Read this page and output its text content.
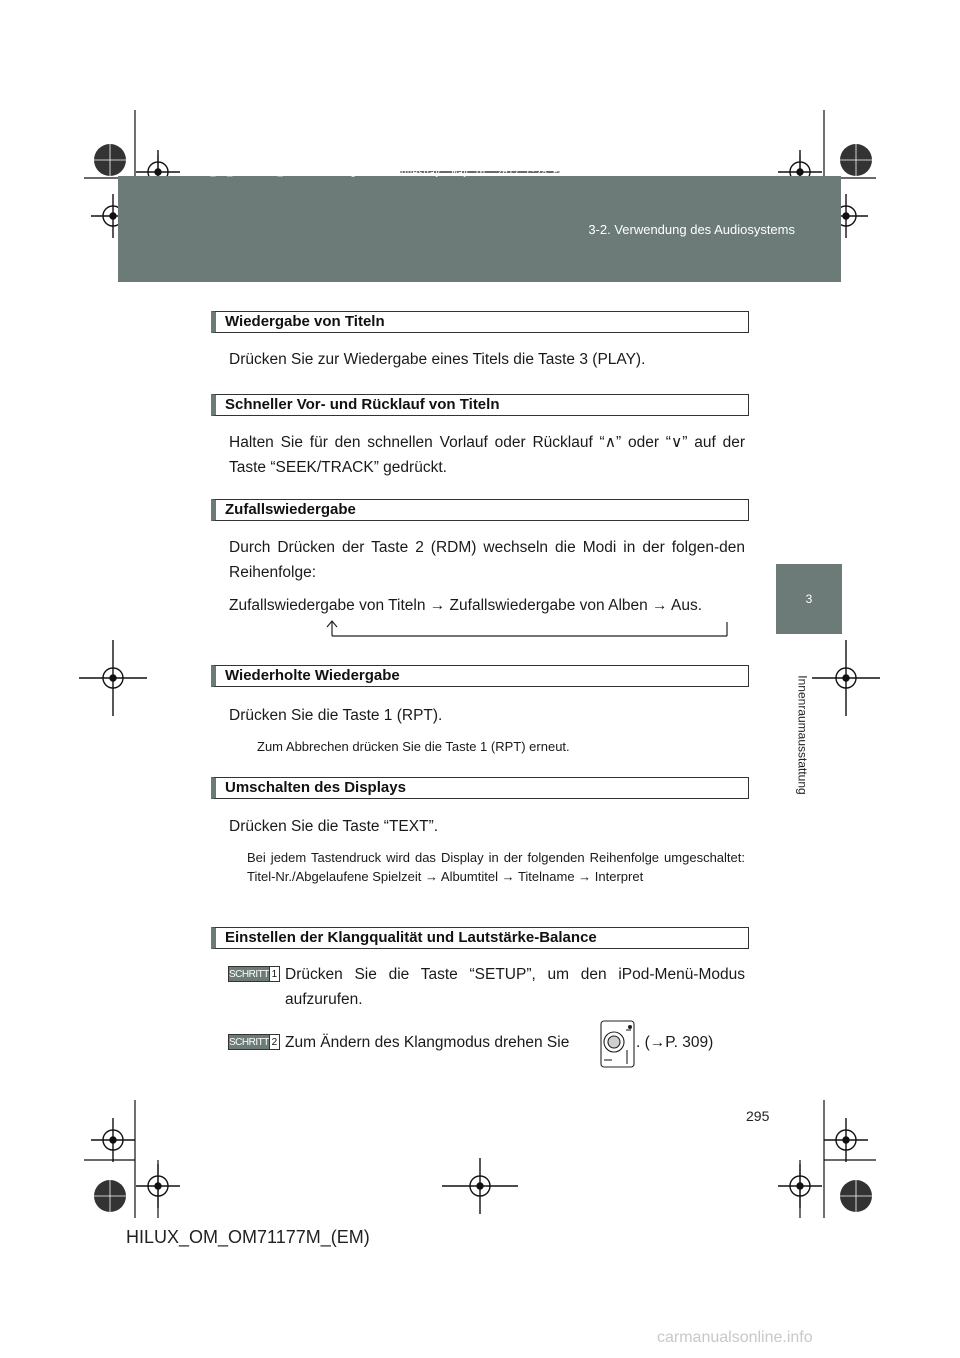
HILUX_OM_OM71177M_(EM).book Page 295 Wednesday, May 16, 2012 1:28 PM
3-2. Verwendung des Audiosystems
3
Innenraumausstattung
Wiedergabe von Titeln
Drücken Sie zur Wiedergabe eines Titels die Taste 3 (PLAY).
Schneller Vor- und Rücklauf von Titeln
Halten Sie für den schnellen Vorlauf oder Rücklauf “∧” oder “∨” auf der Taste “SEEK/TRACK” gedrückt.
Zufallswiedergabe
Durch Drücken der Taste 2 (RDM) wechseln die Modi in der folgen-den Reihenfolge:
Zufallswiedergabe von Titeln → Zufallswiedergabe von Alben → Aus.
Wiederholte Wiedergabe
Drücken Sie die Taste 1 (RPT).
Zum Abbrechen drücken Sie die Taste 1 (RPT) erneut.
Umschalten des Displays
Drücken Sie die Taste “TEXT”.
Bei jedem Tastendruck wird das Display in der folgenden Reihenfolge umgeschaltet: Titel-Nr./Abgelaufene Spielzeit → Albumtitel → Titelname → Interpret
Einstellen der Klangqualität und Lautstärke-Balance
SCHRITT 1 Drücken Sie die Taste “SETUP”, um den iPod-Menü-Modus aufzurufen.
SCHRITT 2 Zum Ändern des Klangmodus drehen Sie	. (→P. 309)
295
HILUX_OM_OM71177M_(EM)
carmanualsonline.info
